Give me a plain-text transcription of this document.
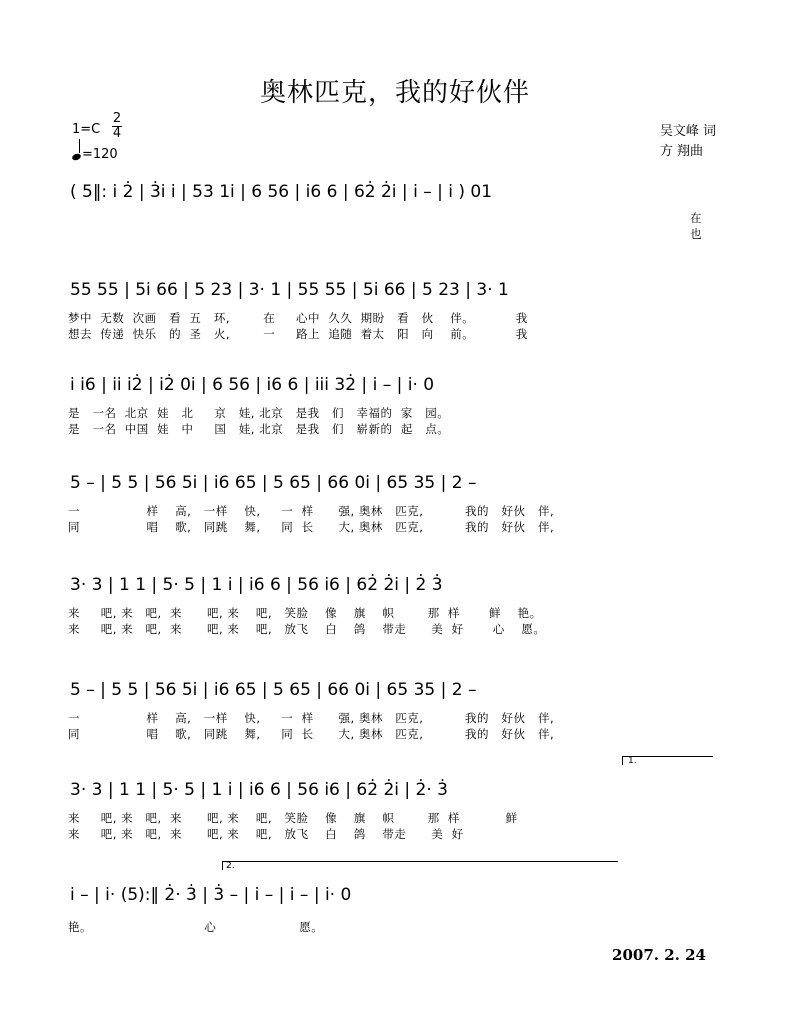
奥林匹克，我的好伙伴
1=C
2
4
=120
吴文峰 词
方 翔曲
( 5‖: i 2̇ | 3̇i i | 53 1i | 6 56 | i6 6 | 62̇ 2̇i | i – | i ) 01
在
也
55 55 | 5i 66 | 5 23 | 3· 1 | 55 55 | 5i 66 | 5 23 | 3· 1
梦中  无数  次画   看  五   环,        在     心中  久久  期盼   看   伙    伴。          我
想去  传递  快乐   的  圣   火,        一     路上  追随  着太   阳   向    前。          我
i i6 | ii i2̇ | i2̇ 0i | 6 56 | i6 6 | iii 32̇ | i – | i· 0
是   一名  北京  娃   北     京   娃, 北京   是我   们   幸福的  家   园。
是   一名  中国  娃   中     国   娃, 北京   是我   们   崭新的  起   点。
5 – | 5 5 | 56 5i | i6 65 | 5 65 | 66 0i | 65 35 | 2 –
一                样    高,   一样    快,     一  样      强, 奥林   匹克,          我的   好伙   伴,
同                唱    歌,   同跳    舞,     同  长      大, 奥林   匹克,          我的   好伙   伴,
3· 3 | 1 1 | 5· 5 | 1 i | i6 6 | 56 i6 | 62̇ 2̇i | 2̇ 3̇
来     吧, 来   吧,  来      吧, 来    吧,   笑脸    像    旗    帜        那  样       鲜    艳。
来     吧, 来   吧,  来      吧, 来    吧,   放飞    白    鸽    带走      美  好       心    愿。
5 – | 5 5 | 56 5i | i6 65 | 5 65 | 66 0i | 65 35 | 2 –
一                样    高,   一样    快,     一  样      强, 奥林   匹克,          我的   好伙   伴,
同                唱    歌,   同跳    舞,     同  长      大, 奥林   匹克,          我的   好伙   伴,
1.
3· 3 | 1 1 | 5· 5 | 1 i | i6 6 | 56 i6 | 62̇ 2̇i | 2̇· 3̇
来     吧, 来   吧,  来      吧, 来    吧,   笑脸    像    旗    帜        那  样           鲜
来     吧, 来   吧,  来      吧, 来    吧,   放飞    白    鸽    带走      美  好
2.
i – | i· (5):‖ 2̇· 3̇ | 3̇ – | i – | i – | i· 0
艳。                           心                    愿。
2007. 2. 24
